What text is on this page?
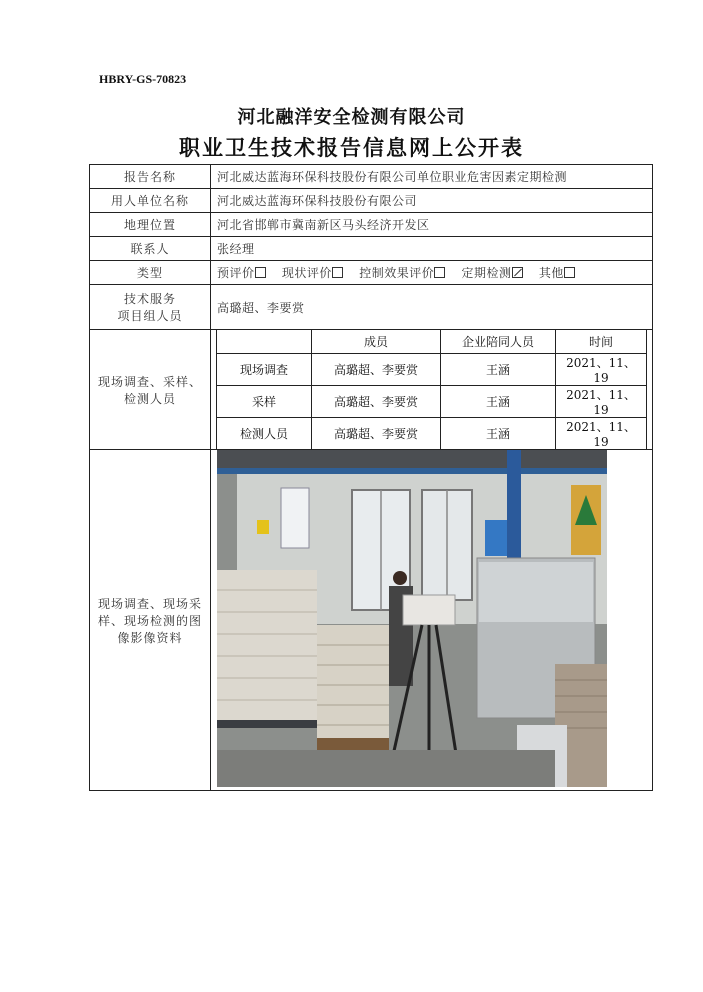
HBRY-GS-70823
河北融洋安全检测有限公司
职业卫生技术报告信息网上公开表
报告名称	河北威达蓝海环保科技股份有限公司单位职业危害因素定期检测
用人单位名称	河北威达蓝海环保科技股份有限公司
地理位置	河北省邯郸市冀南新区马头经济开发区
联系人	张经理
类型	预评价 现状评价 控制效果评价 定期检测 其他

技术服务
项目组人员
	高璐超、李要赏

现场调查、采样、
检测人员

	成员	企业陪同人员	时间
现场调查	高璐超、李要赏	王涵	2021、11、19
采样	高璐超、李要赏	王涵	2021、11、19
检测人员	高璐超、李要赏	王涵	2021、11、19

现场调查、现场采
样、现场检测的图
像影像资料
